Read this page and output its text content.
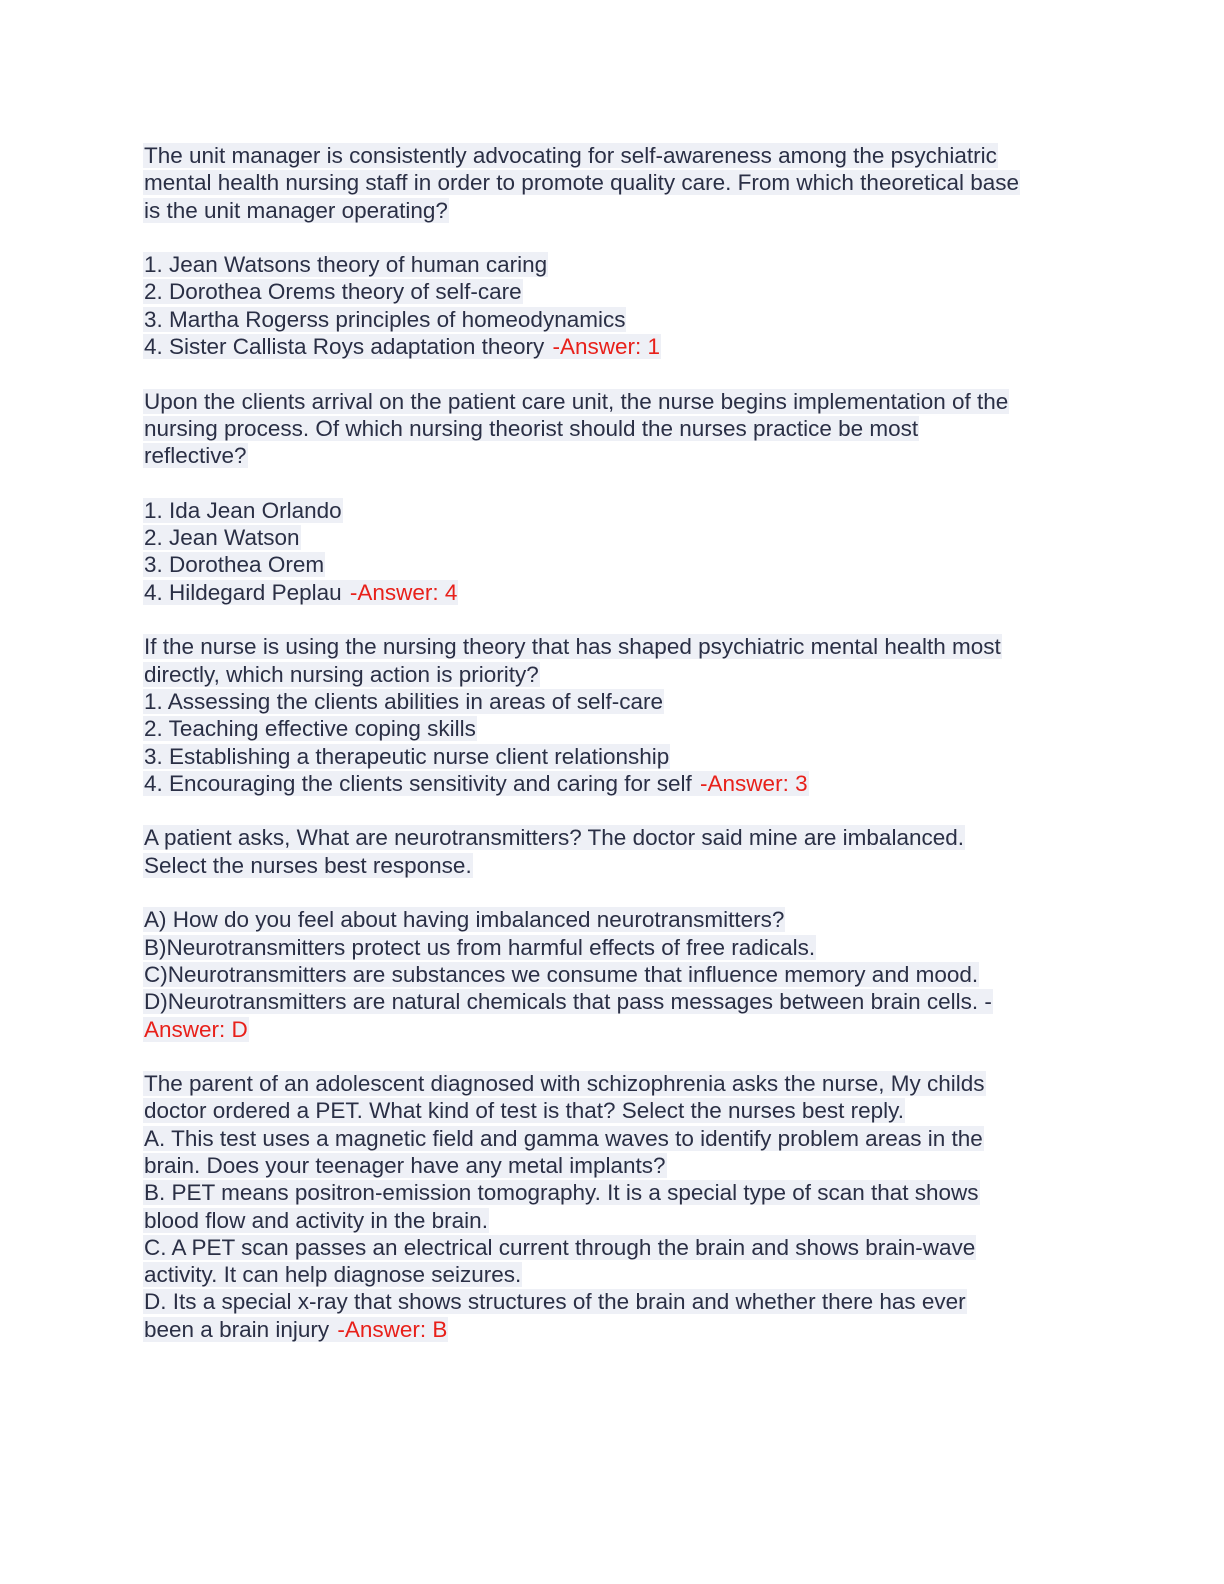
The unit manager is consistently advocating for self-awareness among the psychiatric
mental health nursing staff in order to promote quality care. From which theoretical base
is the unit manager operating?
1. Jean Watsons theory of human caring
2. Dorothea Orems theory of self-care
3. Martha Rogerss principles of homeodynamics
4. Sister Callista Roys adaptation theory -Answer: 1
Upon the clients arrival on the patient care unit, the nurse begins implementation of the
nursing process. Of which nursing theorist should the nurses practice be most
reflective?
1. Ida Jean Orlando
2. Jean Watson
3. Dorothea Orem
4. Hildegard Peplau -Answer: 4
If the nurse is using the nursing theory that has shaped psychiatric mental health most
directly, which nursing action is priority?
1. Assessing the clients abilities in areas of self-care
2. Teaching effective coping skills
3. Establishing a therapeutic nurse client relationship
4. Encouraging the clients sensitivity and caring for self -Answer: 3
A patient asks, What are neurotransmitters? The doctor said mine are imbalanced.
Select the nurses best response.
A) How do you feel about having imbalanced neurotransmitters?
B)Neurotransmitters protect us from harmful effects of free radicals.
C)Neurotransmitters are substances we consume that influence memory and mood.
D)Neurotransmitters are natural chemicals that pass messages between brain cells. -
Answer: D
The parent of an adolescent diagnosed with schizophrenia asks the nurse, My childs
doctor ordered a PET. What kind of test is that? Select the nurses best reply.
A. This test uses a magnetic field and gamma waves to identify problem areas in the
brain. Does your teenager have any metal implants?
B. PET means positron-emission tomography. It is a special type of scan that shows
blood flow and activity in the brain.
C. A PET scan passes an electrical current through the brain and shows brain-wave
activity. It can help diagnose seizures.
D. Its a special x-ray that shows structures of the brain and whether there has ever
been a brain injury -Answer: B
